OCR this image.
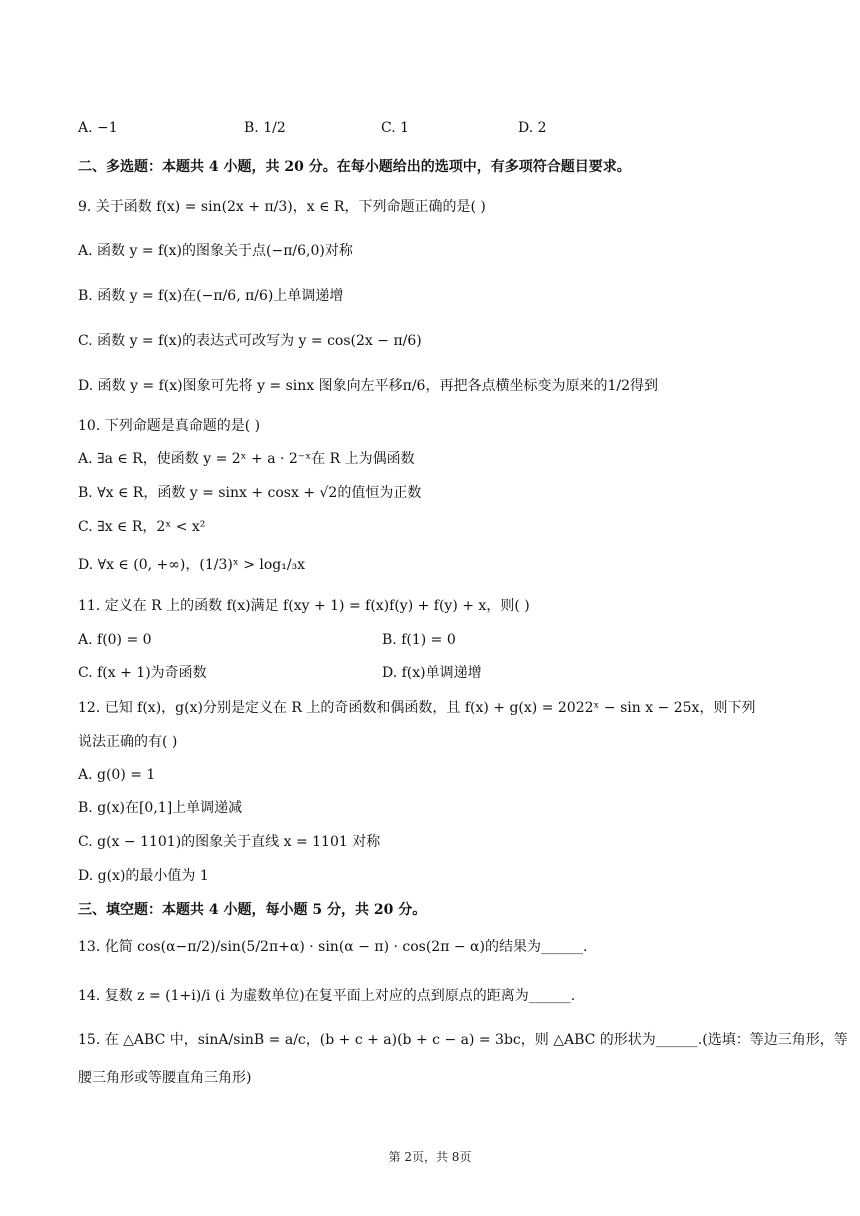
A. −1	B. 1/2	C. 1	D. 2
二、多选题：本题共 4 小题，共 20 分。在每小题给出的选项中，有多项符合题目要求。
9. 关于函数 f(x) = sin(2x + π/3)，x ∈ R，下列命题正确的是( )
A. 函数 y = f(x)的图象关于点(−π/6,0)对称
B. 函数 y = f(x)在(−π/6, π/6)上单调递增
C. 函数 y = f(x)的表达式可改写为 y = cos(2x − π/6)
D. 函数 y = f(x)图象可先将 y = sinx 图象向左平移π/6，再把各点横坐标变为原来的1/2得到
10. 下列命题是真命题的是( )
A. ∃a ∈ R，使函数 y = 2ˣ + a · 2⁻ˣ在 R 上为偶函数
B. ∀x ∈ R，函数 y = sinx + cosx + √2的值恒为正数
C. ∃x ∈ R，2ˣ < x²
D. ∀x ∈ (0, +∞)，(1/3)ˣ > log₁/₃x
11. 定义在 R 上的函数 f(x)满足 f(xy + 1) = f(x)f(y) + f(y) + x，则( )
A. f(0) = 0	B. f(1) = 0
C. f(x + 1)为奇函数	D. f(x)单调递增
12. 已知 f(x)，g(x)分别是定义在 R 上的奇函数和偶函数，且 f(x) + g(x) = 2022ˣ − sin x − 25x，则下列
说法正确的有( )
A. g(0) = 1
B. g(x)在[0,1]上单调递减
C. g(x − 1101)的图象关于直线 x = 1101 对称
D. g(x)的最小值为 1
三、填空题：本题共 4 小题，每小题 5 分，共 20 分。
13. 化简 cos(α−π/2)/sin(5/2π+α) · sin(α − π) · cos(2π − α)的结果为______.
14. 复数 z = (1+i)/i (i 为虚数单位)在复平面上对应的点到原点的距离为______.
15. 在 △ABC 中，sinA/sinB = a/c，(b + c + a)(b + c − a) = 3bc，则 △ABC 的形状为______.(选填：等边三角形，等
腰三角形或等腰直角三角形)
第 2页，共 8页
